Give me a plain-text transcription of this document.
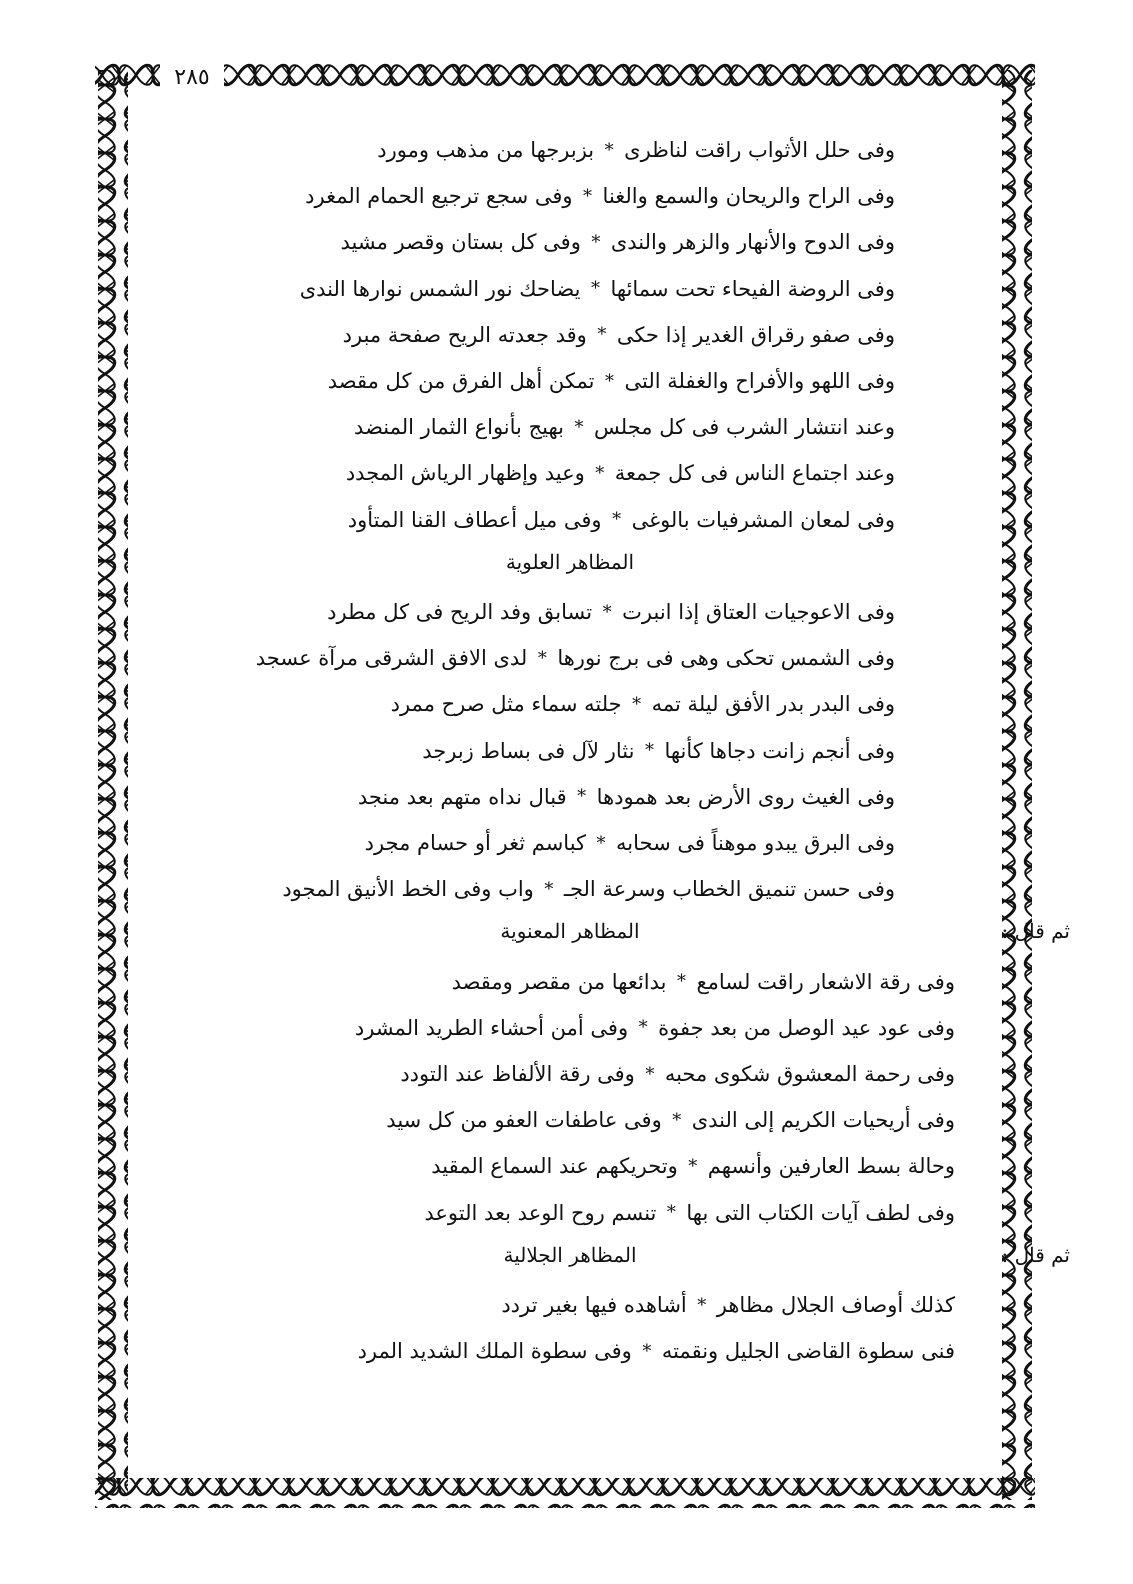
٢٨٥
وفى حلل الأثواب راقت لناظرى
*
بزبرجها من مذهب ومورد
وفى الراح والريحان والسمع والغنا
*
وفى سجع ترجيع الحمام المغرد
وفى الدوح والأنهار والزهر والندى
*
وفى كل بستان وقصر مشيد
وفى الروضة الفيحاء تحت سمائها
*
يضاحك نور الشمس نوارها الندى
وفى صفو رقراق الغدير إذا حكى
*
وقد جعدته الريح صفحة مبرد
وفى اللهو والأفراح والغفلة التى
*
تمكن أهل الفرق من كل مقصد
وعند انتشار الشرب فى كل مجلس
*
بهيج بأنواع الثمار المنضد
وعند اجتماع الناس فى كل جمعة
*
وعيد وإظهار الرياش المجدد
وفى لمعان المشرفيات بالوغى
*
وفى ميل أعطاف القنا المتأود
المظاهر العلوية
وفى الاعوجيات العتاق إذا انبرت
*
تسابق وفد الريح فى كل مطرد
وفى الشمس تحكى وهى فى برج نورها
*
لدى الافق الشرقى مرآة عسجد
وفى البدر بدر الأفق ليلة تمه
*
جلته سماء مثل صرح ممرد
وفى أنجم زانت دجاها كأنها
*
نثار لآل فى بساط زبرجد
وفى الغيث روى الأرض بعد همودها
*
قبال نداه متهم بعد منجد
وفى البرق يبدو موهناً فى سحابه
*
كباسم ثغر أو حسام مجرد
وفى حسن تنميق الخطاب وسرعة الجـ
*
واب وفى الخط الأنيق المجود
ثم قال :
المظاهر المعنوية
وفى رقة الاشعار راقت لسامع
*
بدائعها من مقصر ومقصد
وفى عود عيد الوصل من بعد جفوة
*
وفى أمن أحشاء الطريد المشرد
وفى رحمة المعشوق شكوى محبه
*
وفى رقة الألفاظ عند التودد
وفى أريحيات الكريم إلى الندى
*
وفى عاطفات العفو من كل سيد
وحالة بسط العارفين وأنسهم
*
وتحريكهم عند السماع المقيد
وفى لطف آيات الكتاب التى بها
*
تنسم روح الوعد بعد التوعد
ثم قال :
المظاهر الجلالية
كذلك أوصاف الجلال مظاهر
*
أشاهده فيها بغير تردد
فنى سطوة القاضى الجليل ونقمته
*
وفى سطوة الملك الشديد المرد
